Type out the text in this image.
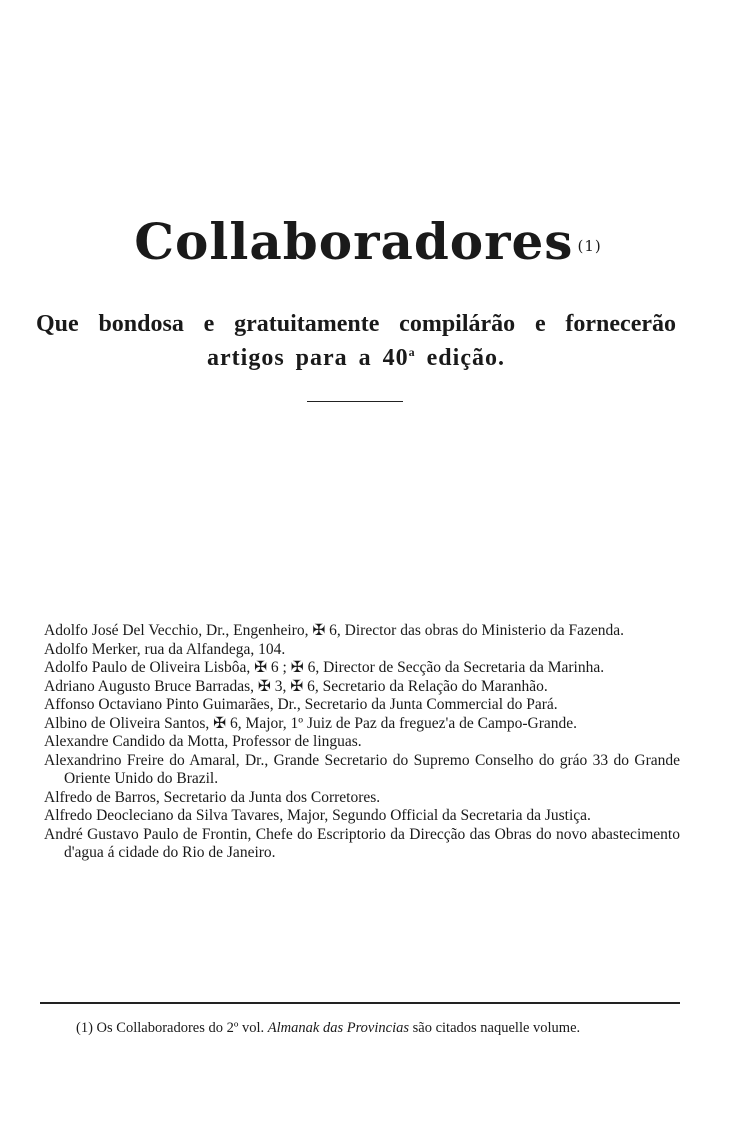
Collaboradores $^{(1)}$
Que bondosa e gratuitamente compilárão e fornecerão
artigos para a 40$^a$ edição.

Adolfo José Del Vecchio, Dr., Engenheiro, ✠ 6, Director das obras do Ministerio da Fazenda.

Adolfo Merker, rua da Alfandega, 104.

Adolfo Paulo de Oliveira Lisbôa, ✠ 6 ; ✠ 6, Director de Secção da Secretaria da Marinha.

Adriano Augusto Bruce Barradas, ✠ 3, ✠ 6, Secretario da Relação do Maranhão.

Affonso Octaviano Pinto Guimarães, Dr., Secretario da Junta Commercial do Pará.

Albino de Oliveira Santos, ✠ 6, Major, 1º Juiz de Paz da freguez'a de Campo-Grande.

Alexandre Candido da Motta, Professor de linguas.

Alexandrino Freire do Amaral, Dr., Grande Secretario do Supremo Conselho do gráo 33 do Grande Oriente Unido do Brazil.

Alfredo de Barros, Secretario da Junta dos Corretores.

Alfredo Deocleciano da Silva Tavares, Major, Segundo Official da Secretaria da Justiça.

André Gustavo Paulo de Frontin, Chefe do Escriptorio da Direcção das Obras do novo abastecimento d'agua á cidade do Rio de Janeiro.

(1) Os Collaboradores do 2º vol. Almanak das Provincias são citados naquelle volume.
